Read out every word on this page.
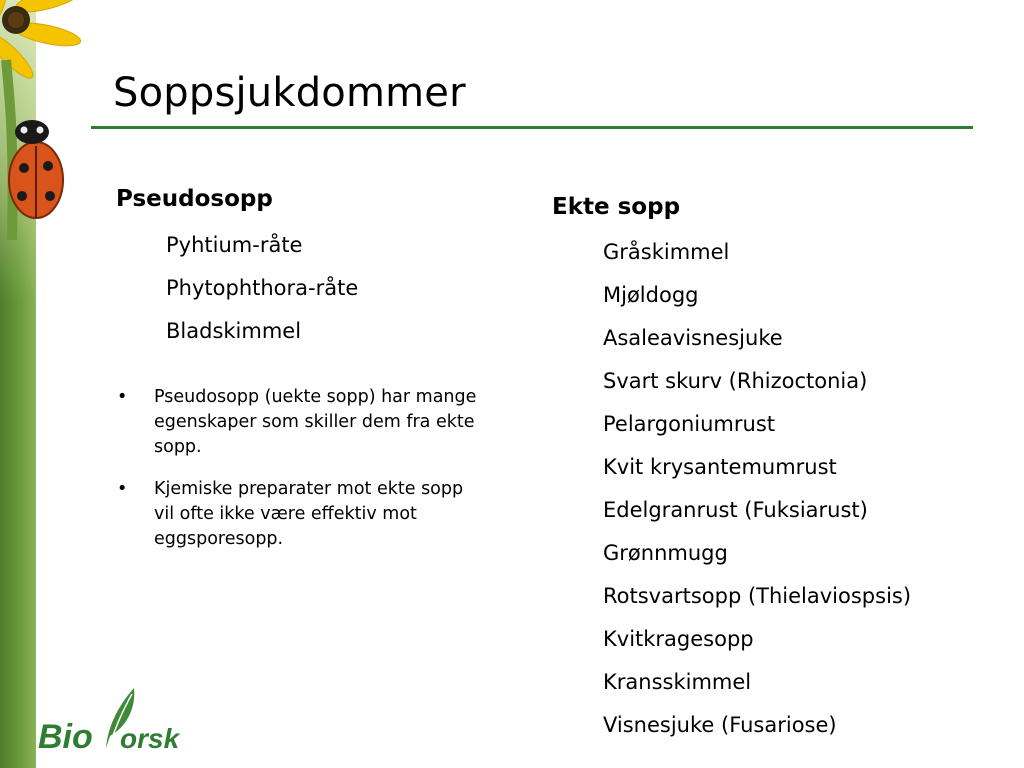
Soppsjukdommer
Pseudosopp
Pyhtium-råte
Phytophthora-råte
Bladskimmel
• Pseudosopp (uekte sopp) har mange egenskaper som skiller dem fra ekte sopp.
• Kjemiske preparater mot ekte sopp vil ofte ikke være effektiv mot eggsporesopp.
Ekte sopp
Gråskimmel
Mjøldogg
Asaleavisnesjuke
Svart skurv (Rhizoctonia)
Pelargoniumrust
Kvit krysantemumrust
Edelgranrust (Fuksiarust)
Grønnmugg
Rotsvartsopp (Thielaviospsis)
Kvitkragesopp
Kransskimmel
Visnesjuke (Fusariose)
Bio orsk
